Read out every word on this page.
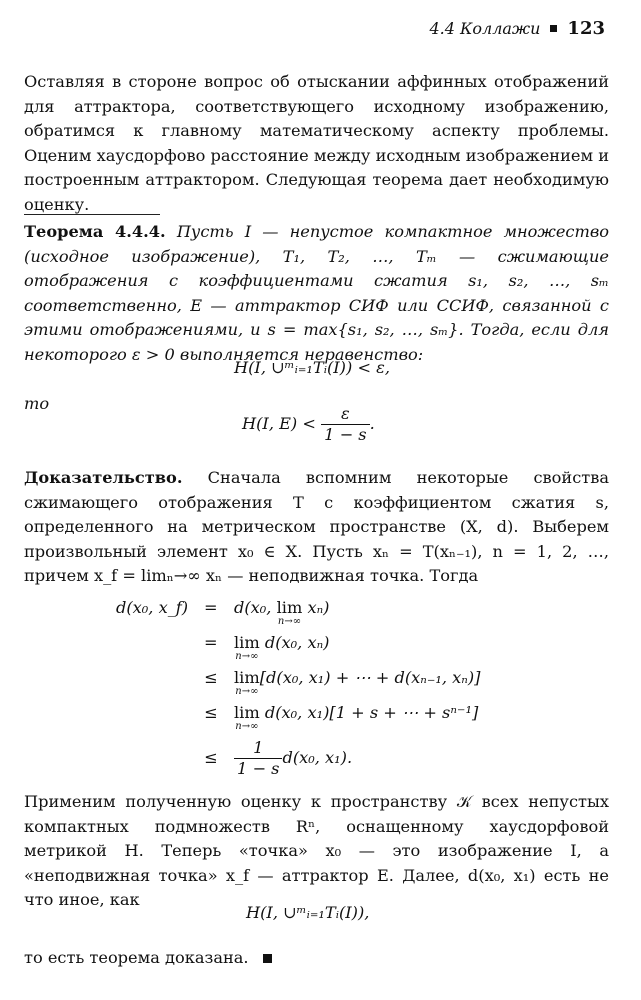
4.4 Коллажи 123

Оставляя в стороне вопрос об отыскании аффинных отображений для аттрактора, соответствующего исходному изображению, обратимся к главному математическому аспекту проблемы. Оценим хаусдорфово расстояние между исходным изображением и построенным аттрактором. Следующая теорема дает необходимую оценку.

Теорема 4.4.4. Пусть I — непустое компактное множество (исходное изображение), T₁, T₂, …, Tₘ — сжимающие отображения с коэффициентами сжатия s₁, s₂, …, sₘ соответственно, E — аттрактор СИФ или ССИФ, связанной с этими отображениями, и s = max{s₁, s₂, …, sₘ}. Тогда, если для некоторого ε > 0 выполняется неравенство:

H(I, ∪ᵐᵢ₌₁Tᵢ(I)) < ε,
то
H(I, $E) < \frac{\varepsilon}{1 - s}$ .

Доказательство. Сначала вспомним некоторые свойства сжимающего отображения T с коэффициентом сжатия s, определенного на метрическом пространстве (X, d). Выберем произвольный элемент x₀ ∈ X. Пусть xₙ = T(xₙ₋₁), n = 1, 2, …, причем x_f = limₙ→∞ xₙ — неподвижная точка. Тогда

d(x₀, x_f) = d(x₀, lim
n→∞
xₙ)
= lim
n→∞
d(x₀, xₙ)
≤ lim
n→∞
[d(x₀, x₁) + ⋯ + d(xₙ₋₁, xₙ)]
≤ lim
n→∞
d(x₀, x₁)[1 + s + ⋯ + sⁿ⁻¹]
≤ $\frac{1}{1 - s} d(x_0$, x₁).

Применим полученную оценку к пространству 𝒦 всех непустых компактных подмножеств Rⁿ, оснащенному хаусдорфовой метрикой H. Теперь «точка» x₀ — это изображение I, а «неподвижная точка» x_f — аттрактор E. Далее, d(x₀, x₁) есть не что иное, как

H(I, ∪ᵐᵢ₌₁Tᵢ(I)),

то есть теорема доказана.
